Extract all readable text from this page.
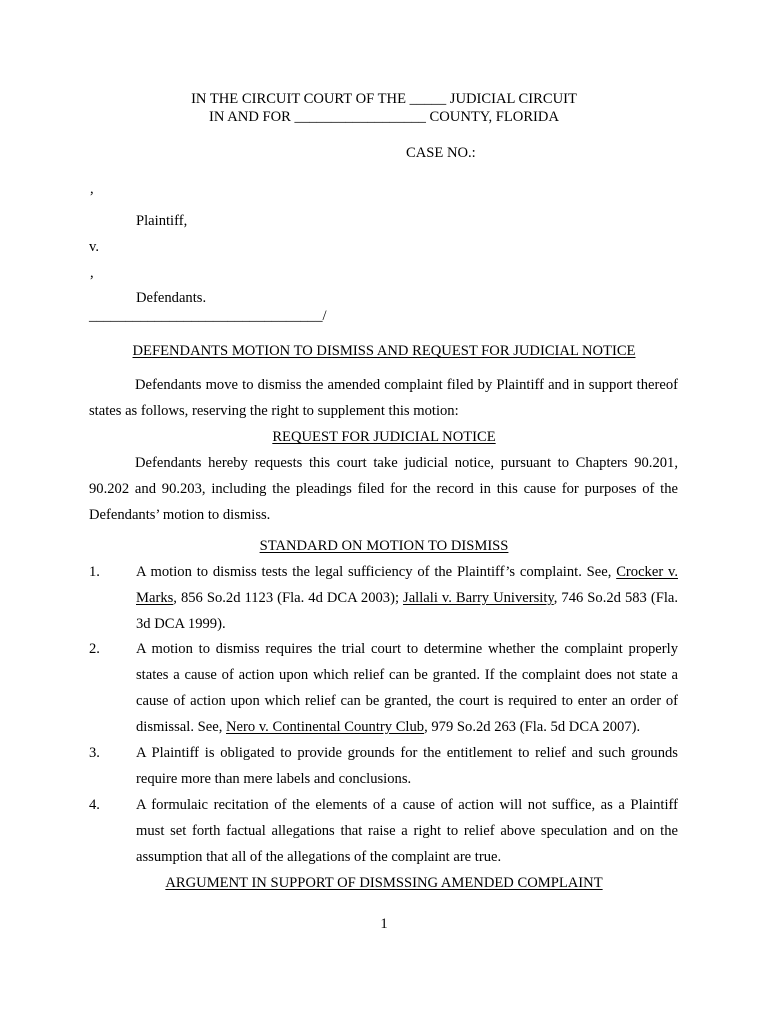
IN THE CIRCUIT COURT OF THE _____ JUDICIAL CIRCUIT
IN AND FOR __________________ COUNTY, FLORIDA
CASE NO.:
,
Plaintiff,
v.
,
Defendants.
________________________________/
DEFENDANTS MOTION TO DISMISS AND REQUEST FOR JUDICIAL NOTICE
Defendants move to dismiss the amended complaint filed by Plaintiff and in support thereof states as follows, reserving the right to supplement this motion:
REQUEST FOR JUDICIAL NOTICE
Defendants hereby requests this court take judicial notice, pursuant to Chapters 90.201, 90.202 and 90.203, including the pleadings filed for the record in this cause for purposes of the Defendants’ motion to dismiss.
STANDARD ON MOTION TO DISMISS
1. A motion to dismiss tests the legal sufficiency of the Plaintiff’s complaint. See, Crocker v. Marks, 856 So.2d 1123 (Fla. 4d DCA 2003); Jallali v. Barry University, 746 So.2d 583 (Fla. 3d DCA 1999).
2. A motion to dismiss requires the trial court to determine whether the complaint properly states a cause of action upon which relief can be granted. If the complaint does not state a cause of action upon which relief can be granted, the court is required to enter an order of dismissal. See, Nero v. Continental Country Club, 979 So.2d 263 (Fla. 5d DCA 2007).
3. A Plaintiff is obligated to provide grounds for the entitlement to relief and such grounds require more than mere labels and conclusions.
4. A formulaic recitation of the elements of a cause of action will not suffice, as a Plaintiff must set forth factual allegations that raise a right to relief above speculation and on the assumption that all of the allegations of the complaint are true.
ARGUMENT IN SUPPORT OF DISMSSING AMENDED COMPLAINT
1
